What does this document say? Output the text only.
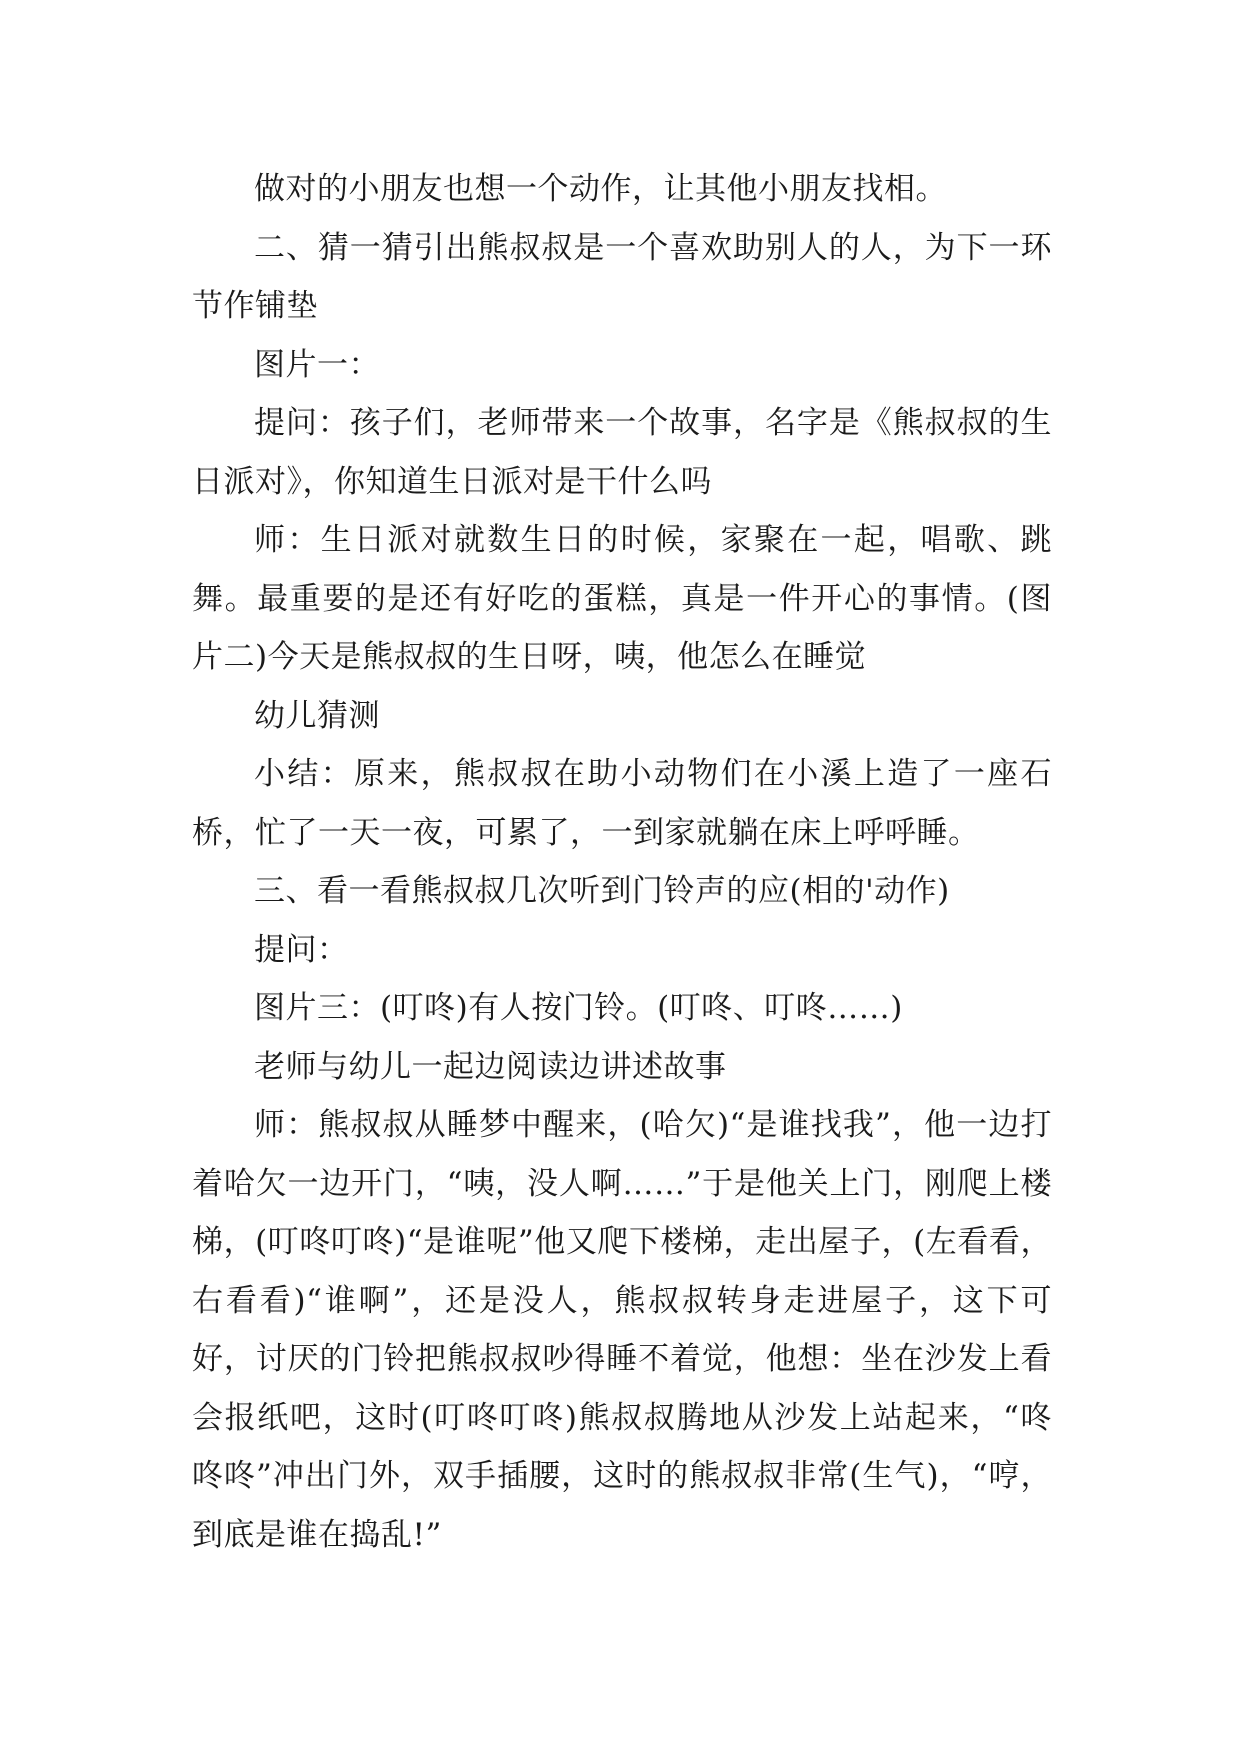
做对的小朋友也想一个动作，让其他小朋友找相。

二、猜一猜引出熊叔叔是一个喜欢助别人的人，为下一环节作铺垫

图片一：

提问：孩子们，老师带来一个故事，名字是《熊叔叔的生日派对》，你知道生日派对是干什么吗

师：生日派对就数生日的时候，家聚在一起，唱歌、跳舞。最重要的是还有好吃的蛋糕，真是一件开心的事情。(图片二)今天是熊叔叔的生日呀，咦，他怎么在睡觉

幼儿猜测

小结：原来，熊叔叔在助小动物们在小溪上造了一座石桥，忙了一天一夜，可累了，一到家就躺在床上呼呼睡。

三、看一看熊叔叔几次听到门铃声的应(相的'动作)

提问：

图片三：(叮咚)有人按门铃。(叮咚、叮咚……)

老师与幼儿一起边阅读边讲述故事

师：熊叔叔从睡梦中醒来，(哈欠)“是谁找我”，他一边打着哈欠一边开门，“咦，没人啊……”于是他关上门，刚爬上楼梯，(叮咚叮咚)“是谁呢”他又爬下楼梯，走出屋子，(左看看，右看看)“谁啊”，还是没人，熊叔叔转身走进屋子，这下可好，讨厌的门铃把熊叔叔吵得睡不着觉，他想：坐在沙发上看会报纸吧，这时(叮咚叮咚)熊叔叔腾地从沙发上站起来，“咚咚咚”冲出门外，双手插腰，这时的熊叔叔非常(生气)，“哼，到底是谁在捣乱!”
